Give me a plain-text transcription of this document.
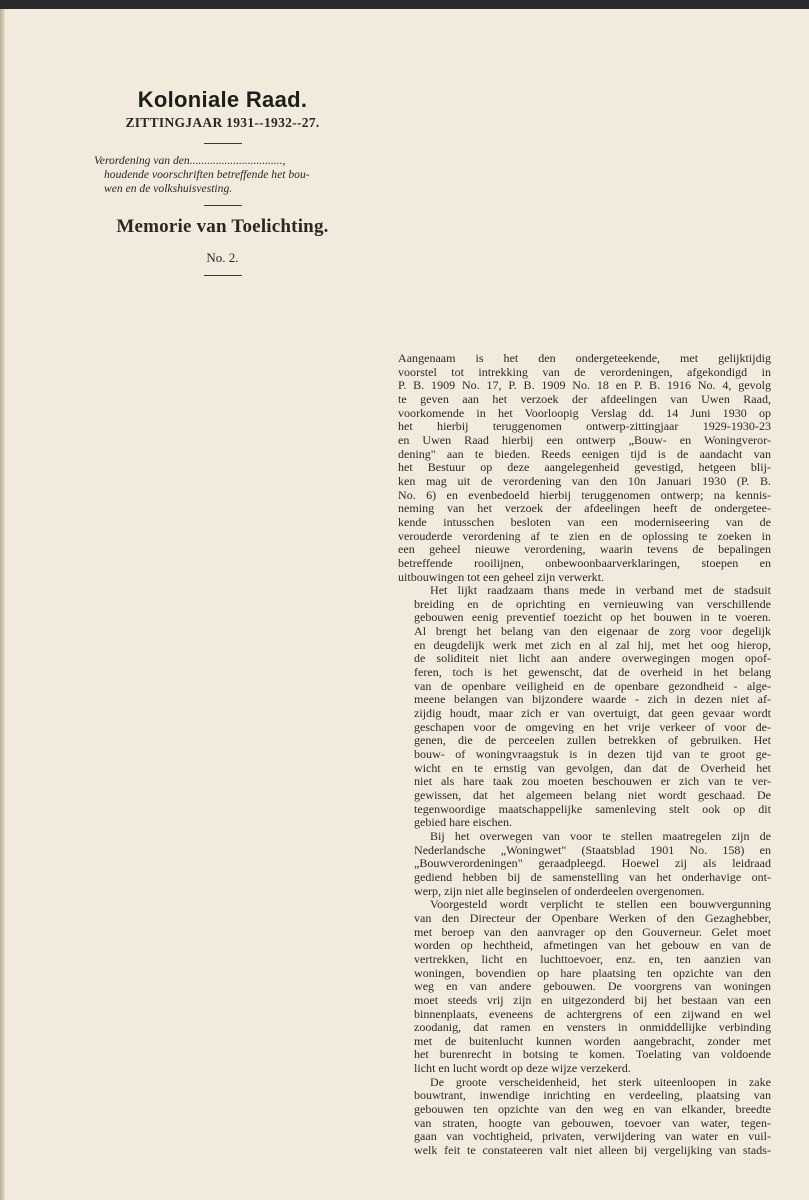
Koloniale Raad.
ZITTINGJAAR 1931--1932--27.
Verordening van den................................,
houdende voorschriften betreffende het bou-
wen en de volkshuisvesting.
Memorie van Toelichting.
No. 2.

Aangenaam is het den ondergeteekende, met gelijktijdig
voorstel tot intrekking van de verordeningen, afgekondigd in
P. B. 1909 No. 17, P. B. 1909 No. 18 en P. B. 1916 No. 4, gevolg
te geven aan het verzoek der afdeelingen van Uwen Raad,
voorkomende in het Voorloopig Verslag dd. 14 Juni 1930 op
het hierbij teruggenomen ontwerp-zittingjaar 1929-1930-23
en Uwen Raad hierbij een ontwerp „Bouw- en Woningveror-
dening" aan te bieden. Reeds eenigen tijd is de aandacht van
het Bestuur op deze aangelegenheid gevestigd, hetgeen blij-
ken mag uit de verordening van den 10n Januari 1930 (P. B.
No. 6) en evenbedoeld hierbij teruggenomen ontwerp; na kennis-
neming van het verzoek der afdeelingen heeft de ondergetee-
kende intusschen besloten van een moderniseering van de
verouderde verordening af te zien en de oplossing te zoeken in
een geheel nieuwe verordening, waarin tevens de bepalingen
betreffende rooilijnen, onbewoonbaarverklaringen, stoepen en
uitbouwingen tot een geheel zijn verwerkt.

Het lijkt raadzaam thans mede in verband met de stadsuit
breiding en de oprichting en vernieuwing van verschillende
gebouwen eenig preventief toezicht op het bouwen in te voeren.
Al brengt het belang van den eigenaar de zorg voor degelijk
en deugdelijk werk met zich en al zal hij, met het oog hierop,
de soliditeit niet licht aan andere overwegingen mogen opof-
feren, toch is het gewenscht, dat de overheid in het belang
van de openbare veiligheid en de openbare gezondheid - alge-
meene belangen van bijzondere waarde - zich in dezen niet af-
zijdig houdt, maar zich er van overtuigt, dat geen gevaar wordt
geschapen voor de omgeving en het vrije verkeer of voor de-
genen, die de perceelen zullen betrekken of gebruiken. Het
bouw- of woningvraagstuk is in dezen tijd van te groot ge-
wicht en te ernstig van gevolgen, dan dat de Overheid het
niet als hare taak zou moeten beschouwen er zich van te ver-
gewissen, dat het algemeen belang niet wordt geschaad. De
tegenwoordige maatschappelijke samenleving stelt ook op dit
gebied hare eischen.

Bij het overwegen van voor te stellen maatregelen zijn de
Nederlandsche „Woningwet" (Staatsblad 1901 No. 158) en
„Bouwverordeningen" geraadpleegd. Hoewel zij als leidraad
gediend hebben bij de samenstelling van het onderhavige ont-
werp, zijn niet alle beginselen of onderdeelen overgenomen.

Voorgesteld wordt verplicht te stellen een bouwvergunning
van den Directeur der Openbare Werken of den Gezaghebber,
met beroep van den aanvrager op den Gouverneur. Gelet moet
worden op hechtheid, afmetingen van het gebouw en van de
vertrekken, licht en luchttoevoer, enz. en, ten aanzien van
woningen, bovendien op hare plaatsing ten opzichte van den
weg en van andere gebouwen. De voorgrens van woningen
moet steeds vrij zijn en uitgezonderd bij het bestaan van een
binnenplaats, eveneens de achtergrens of een zijwand en wel
zoodanig, dat ramen en vensters in onmiddellijke verbinding
met de buitenlucht kunnen worden aangebracht, zonder met
het burenrecht in botsing te komen. Toelating van voldoende
licht en lucht wordt op deze wijze verzekerd.

De groote verscheidenheid, het sterk uiteenloopen in zake
bouwtrant, inwendige inrichting en verdeeling, plaatsing van
gebouwen ten opzichte van den weg en van elkander, breedte
van straten, hoogte van gebouwen, toevoer van water, tegen-
gaan van vochtigheid, privaten, verwijdering van water en vuil-
welk feit te constateeren valt niet alleen bij vergelijking van stads-
